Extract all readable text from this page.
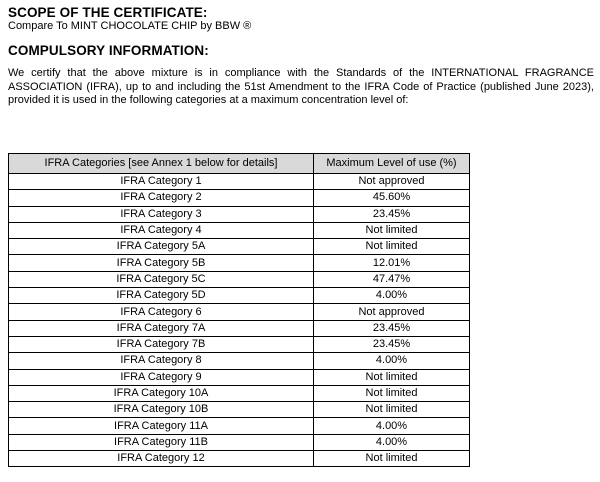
SCOPE OF THE CERTIFICATE:
Compare To MINT CHOCOLATE CHIP by BBW ®
COMPULSORY INFORMATION:
We certify that the above mixture is in compliance with the Standards of the INTERNATIONAL FRAGRANCE
ASSOCIATION (IFRA), up to and including the 51st Amendment to the IFRA Code of Practice (published June 2023),
provided it is used in the following categories at a maximum concentration level of:
IFRA Categories [see Annex 1 below for details]	Maximum Level of use (%)
IFRA Category 1	Not approved
IFRA Category 2	45.60%
IFRA Category 3	23.45%
IFRA Category 4	Not limited
IFRA Category 5A	Not limited
IFRA Category 5B	12.01%
IFRA Category 5C	47.47%
IFRA Category 5D	4.00%
IFRA Category 6	Not approved
IFRA Category 7A	23.45%
IFRA Category 7B	23.45%
IFRA Category 8	4.00%
IFRA Category 9	Not limited
IFRA Category 10A	Not limited
IFRA Category 10B	Not limited
IFRA Category 11A	4.00%
IFRA Category 11B	4.00%
IFRA Category 12	Not limited
